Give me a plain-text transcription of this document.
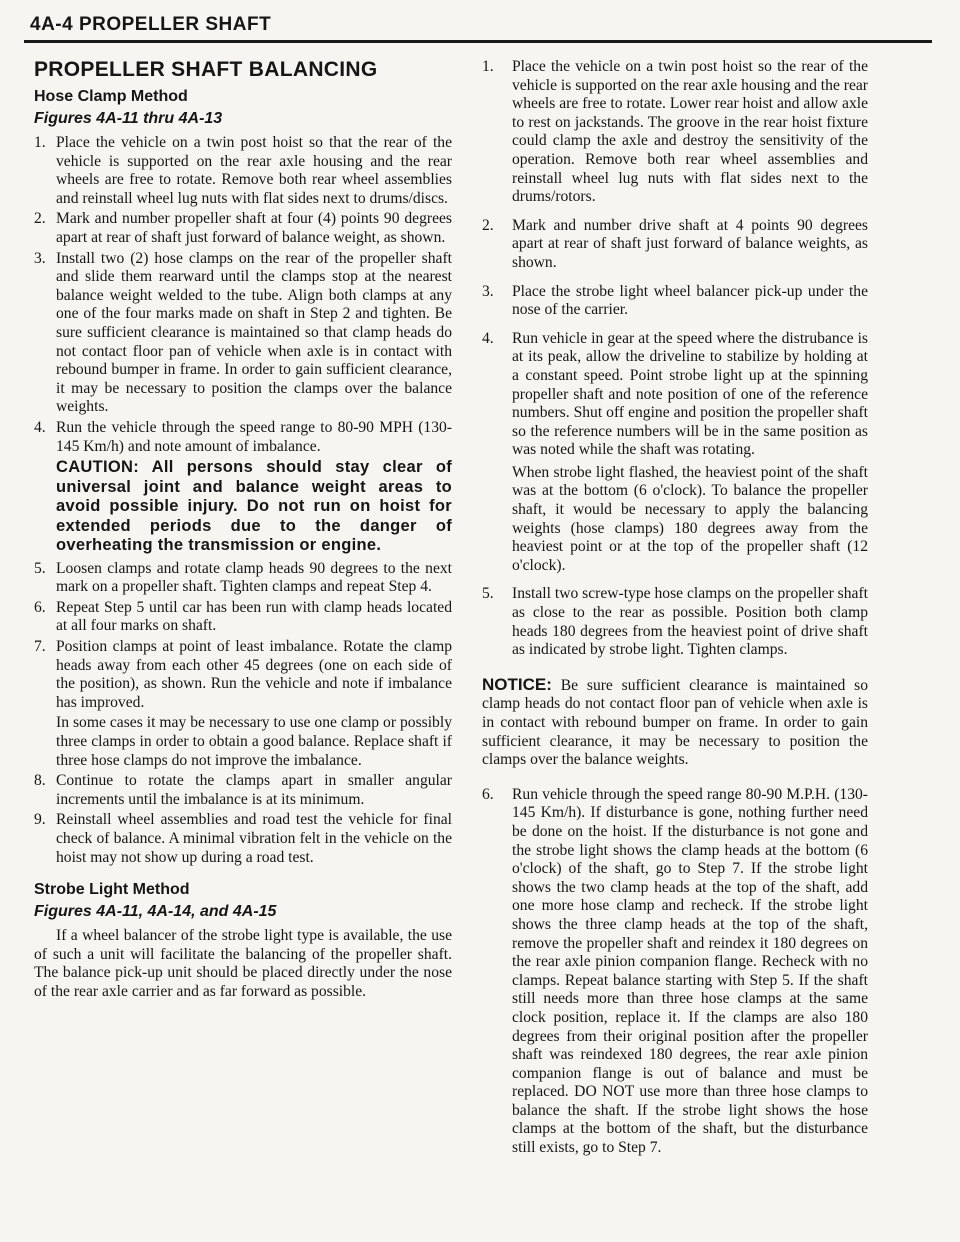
4A-4 PROPELLER SHAFT
PROPELLER SHAFT BALANCING
Hose Clamp Method
Figures 4A-11 thru 4A-13
1. Place the vehicle on a twin post hoist so that the rear of the vehicle is supported on the rear axle housing and the rear wheels are free to rotate. Remove both rear wheel assemblies and reinstall wheel lug nuts with flat sides next to drums/discs.

2. Mark and number propeller shaft at four (4) points 90 degrees apart at rear of shaft just forward of balance weight, as shown.

3. Install two (2) hose clamps on the rear of the propeller shaft and slide them rearward until the clamps stop at the nearest balance weight welded to the tube. Align both clamps at any one of the four marks made on shaft in Step 2 and tighten. Be sure sufficient clearance is maintained so that clamp heads do not contact floor pan of vehicle when axle is in contact with rebound bumper in frame. In order to gain sufficient clearance, it may be necessary to position the clamps over the balance weights.

4. Run the vehicle through the speed range to 80-90 MPH (130-145 Km/h) and note amount of imbalance.

CAUTION: All persons should stay clear of universal joint and balance weight areas to avoid possible injury. Do not run on hoist for extended periods due to the danger of overheating the transmission or engine.
5. Loosen clamps and rotate clamp heads 90 degrees to the next mark on a propeller shaft. Tighten clamps and repeat Step 4.

6. Repeat Step 5 until car has been run with clamp heads located at all four marks on shaft.

7. Position clamps at point of least imbalance. Rotate the clamp heads away from each other 45 degrees (one on each side of the position), as shown. Run the vehicle and note if imbalance has improved.

In some cases it may be necessary to use one clamp or possibly three clamps in order to obtain a good balance. Replace shaft if three hose clamps do not improve the imbalance.

8. Continue to rotate the clamps apart in smaller angular increments until the imbalance is at its minimum.

9. Reinstall wheel assemblies and road test the vehicle for final check of balance. A minimal vibration felt in the vehicle on the hoist may not show up during a road test.

Strobe Light Method
Figures 4A-11, 4A-14, and 4A-15

If a wheel balancer of the strobe light type is available, the use of such a unit will facilitate the balancing of the propeller shaft. The balance pick-up unit should be placed directly under the nose of the rear axle carrier and as far forward as possible.

1.	Place the vehicle on a twin post hoist so the rear of the vehicle is supported on the rear axle housing and the rear wheels are free to rotate. Lower rear hoist and allow axle to rest on jackstands. The groove in the rear hoist fixture could clamp the axle and destroy the sensitivity of the operation. Remove both rear wheel assemblies and reinstall wheel lug nuts with flat sides next to the drums/rotors.

2.	Mark and number drive shaft at 4 points 90 degrees apart at rear of shaft just forward of balance weights, as shown.

3.	Place the strobe light wheel balancer pick-up under the nose of the carrier.

4.	Run vehicle in gear at the speed where the distrubance is at its peak, allow the driveline to stabilize by holding at a constant speed. Point strobe light up at the spinning propeller shaft and note position of one of the reference numbers. Shut off engine and position the propeller shaft so the reference numbers will be in the same position as was noted while the shaft was rotating.

When strobe light flashed, the heaviest point of the shaft was at the bottom (6 o'clock). To balance the propeller shaft, it would be necessary to apply the balancing weights (hose clamps) 180 degrees away from the heaviest point or at the top of the propeller shaft (12 o'clock).

5.	Install two screw-type hose clamps on the propeller shaft as close to the rear as possible. Position both clamp heads 180 degrees from the heaviest point of drive shaft as indicated by strobe light. Tighten clamps.

NOTICE: Be sure sufficient clearance is maintained so clamp heads do not contact floor pan of vehicle when axle is in contact with rebound bumper on frame. In order to gain sufficient clearance, it may be necessary to position the clamps over the balance weights.

6.	Run vehicle through the speed range 80-90 M.P.H. (130-145 Km/h). If disturbance is gone, nothing further need be done on the hoist. If the disturbance is not gone and the strobe light shows the clamp heads at the bottom (6 o'clock) of the shaft, go to Step 7. If the strobe light shows the two clamp heads at the top of the shaft, add one more hose clamp and recheck. If the strobe light shows the three clamp heads at the top of the shaft, remove the propeller shaft and reindex it 180 degrees on the rear axle pinion companion flange. Recheck with no clamps. Repeat balance starting with Step 5. If the shaft still needs more than three hose clamps at the same clock position, replace it. If the clamps are also 180 degrees from their original position after the propeller shaft was reindexed 180 degrees, the rear axle pinion companion flange is out of balance and must be replaced. DO NOT use more than three hose clamps to balance the shaft. If the strobe light shows the hose clamps at the bottom of the shaft, but the disturbance still exists, go to Step 7.
